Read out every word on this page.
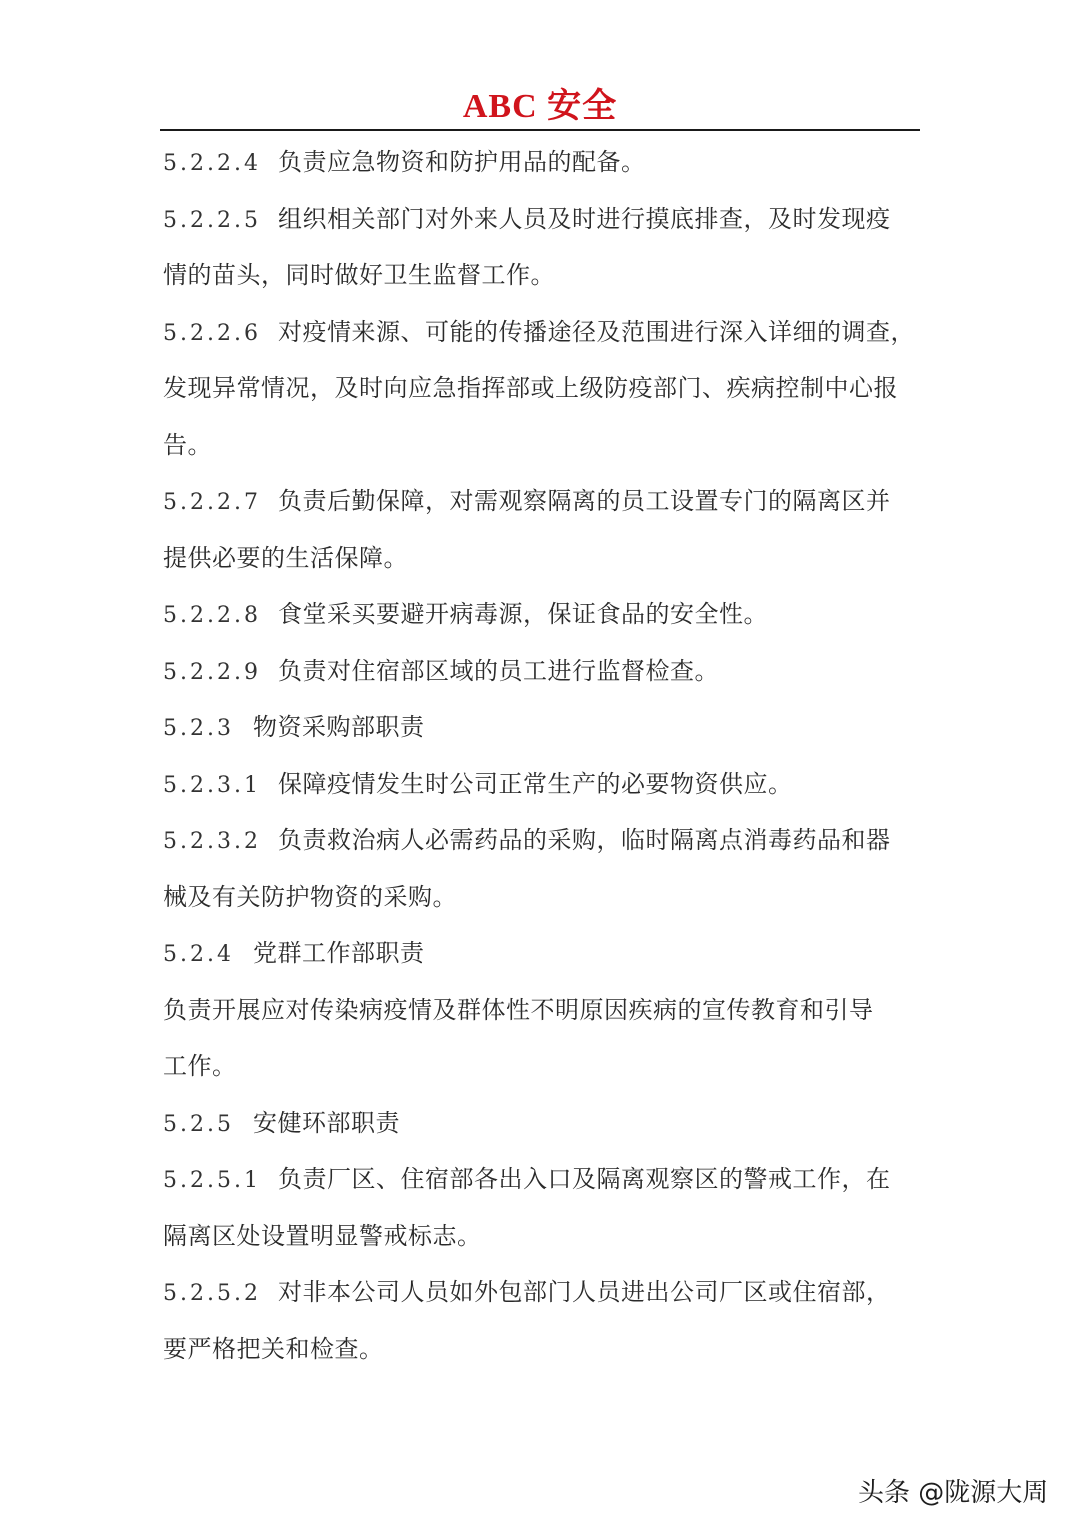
ABC 安全
5.2.2.4 负责应急物资和防护用品的配备。
5.2.2.5 组织相关部门对外来人员及时进行摸底排查，及时发现疫
情的苗头，同时做好卫生监督工作。
5.2.2.6 对疫情来源、可能的传播途径及范围进行深入详细的调查，
发现异常情况，及时向应急指挥部或上级防疫部门、疾病控制中心报
告。
5.2.2.7 负责后勤保障，对需观察隔离的员工设置专门的隔离区并
提供必要的生活保障。
5.2.2.8 食堂采买要避开病毒源，保证食品的安全性。
5.2.2.9 负责对住宿部区域的员工进行监督检查。
5.2.3 物资采购部职责
5.2.3.1 保障疫情发生时公司正常生产的必要物资供应。
5.2.3.2 负责救治病人必需药品的采购，临时隔离点消毒药品和器
械及有关防护物资的采购。
5.2.4 党群工作部职责
负责开展应对传染病疫情及群体性不明原因疾病的宣传教育和引导
工作。
5.2.5 安健环部职责
5.2.5.1 负责厂区、住宿部各出入口及隔离观察区的警戒工作，在
隔离区处设置明显警戒标志。
5.2.5.2 对非本公司人员如外包部门人员进出公司厂区或住宿部，
要严格把关和检查。
头条 @陇源大周
